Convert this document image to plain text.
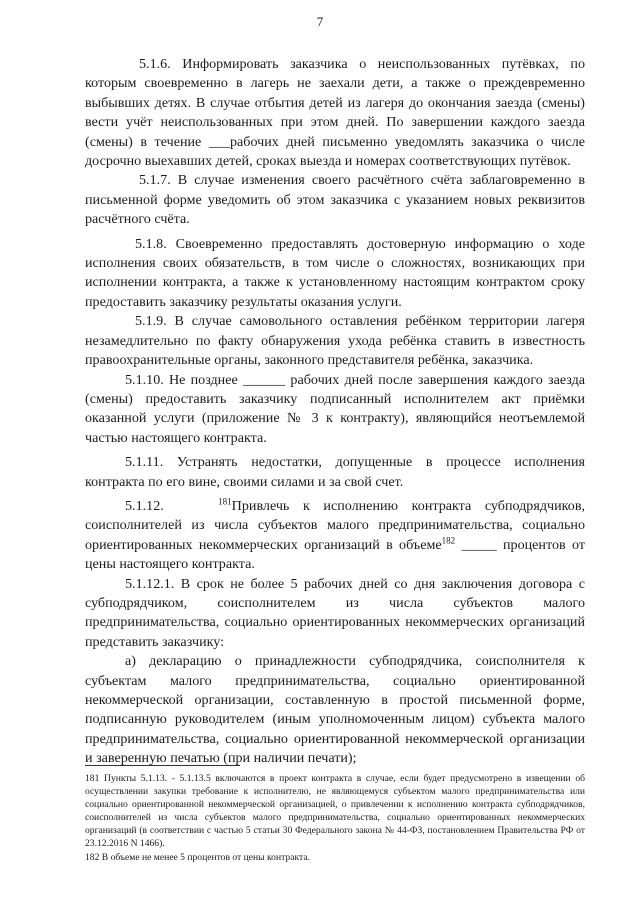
7

5.1.6. Информировать заказчика о неиспользованных путёвках, по которым своевременно в лагерь не заехали дети, а также о преждевременно выбывших детях. В случае отбытия детей из лагеря до окончания заезда (смены) вести учёт неиспользованных при этом дней. По завершении каждого заезда (смены) в течение ___рабочих дней письменно уведомлять заказчика о числе досрочно выехавших детей, сроках выезда и номерах соответствующих путёвок.

5.1.7. В случае изменения своего расчётного счёта заблаговременно в письменной форме уведомить об этом заказчика с указанием новых реквизитов расчётного счёта.

5.1.8. Своевременно предоставлять достоверную информацию о ходе исполнения своих обязательств, в том числе о сложностях, возникающих при исполнении контракта, а также к установленному настоящим контрактом сроку предоставить заказчику результаты оказания услуги.

5.1.9. В случае самовольного оставления ребёнком территории лагеря незамедлительно по факту обнаружения ухода ребёнка ставить в известность правоохранительные органы, законного представителя ребёнка, заказчика.

5.1.10. Не позднее ______ рабочих дней после завершения каждого заезда (смены) предоставить заказчику подписанный исполнителем акт приёмки оказанной услуги (приложение № 3 к контракту), являющийся неотъемлемой частью настоящего контракта.

5.1.11. Устранять недостатки, допущенные в процессе исполнения контракта по его вине, своими силами и за свой счет.

5.1.12.	$^{181}$Привлечь к исполнению контракта субподрядчиков, соисполнителей из числа субъектов малого предпринимательства, социально ориентированных некоммерческих организаций в объеме$^{182}$ _____ процентов от цены настоящего контракта.

5.1.12.1. В срок не более 5 рабочих дней со дня заключения договора с субподрядчиком, соисполнителем из числа субъектов малого предпринимательства, социально ориентированных некоммерческих организаций представить заказчику:

а) декларацию о принадлежности субподрядчика, соисполнителя к субъектам малого предпринимательства, социально ориентированной некоммерческой организации, составленную в простой письменной форме, подписанную руководителем (иным уполномоченным лицом) субъекта малого предпринимательства, социально ориентированной некоммерческой организации и заверенную печатью (при наличии печати);

181 Пункты 5.1.13. - 5.1.13.5 включаются в проект контракта в случае, если будет предусмотрено в извещении об осуществлении закупки требование к исполнителю, не являющемуся субъектом малого предпринимательства или социально ориентированной некоммерческой организацией, о привлечении к исполнению контракта субподрядчиков, соисполнителей из числа субъектов малого предпринимательства, социально ориентированных некоммерческих организаций (в соответствии с частью 5 статьи 30 Федерального закона № 44-ФЗ, постановлением Правительства РФ от 23.12.2016 N 1466).

182 В объеме не менее 5 процентов от цены контракта.
